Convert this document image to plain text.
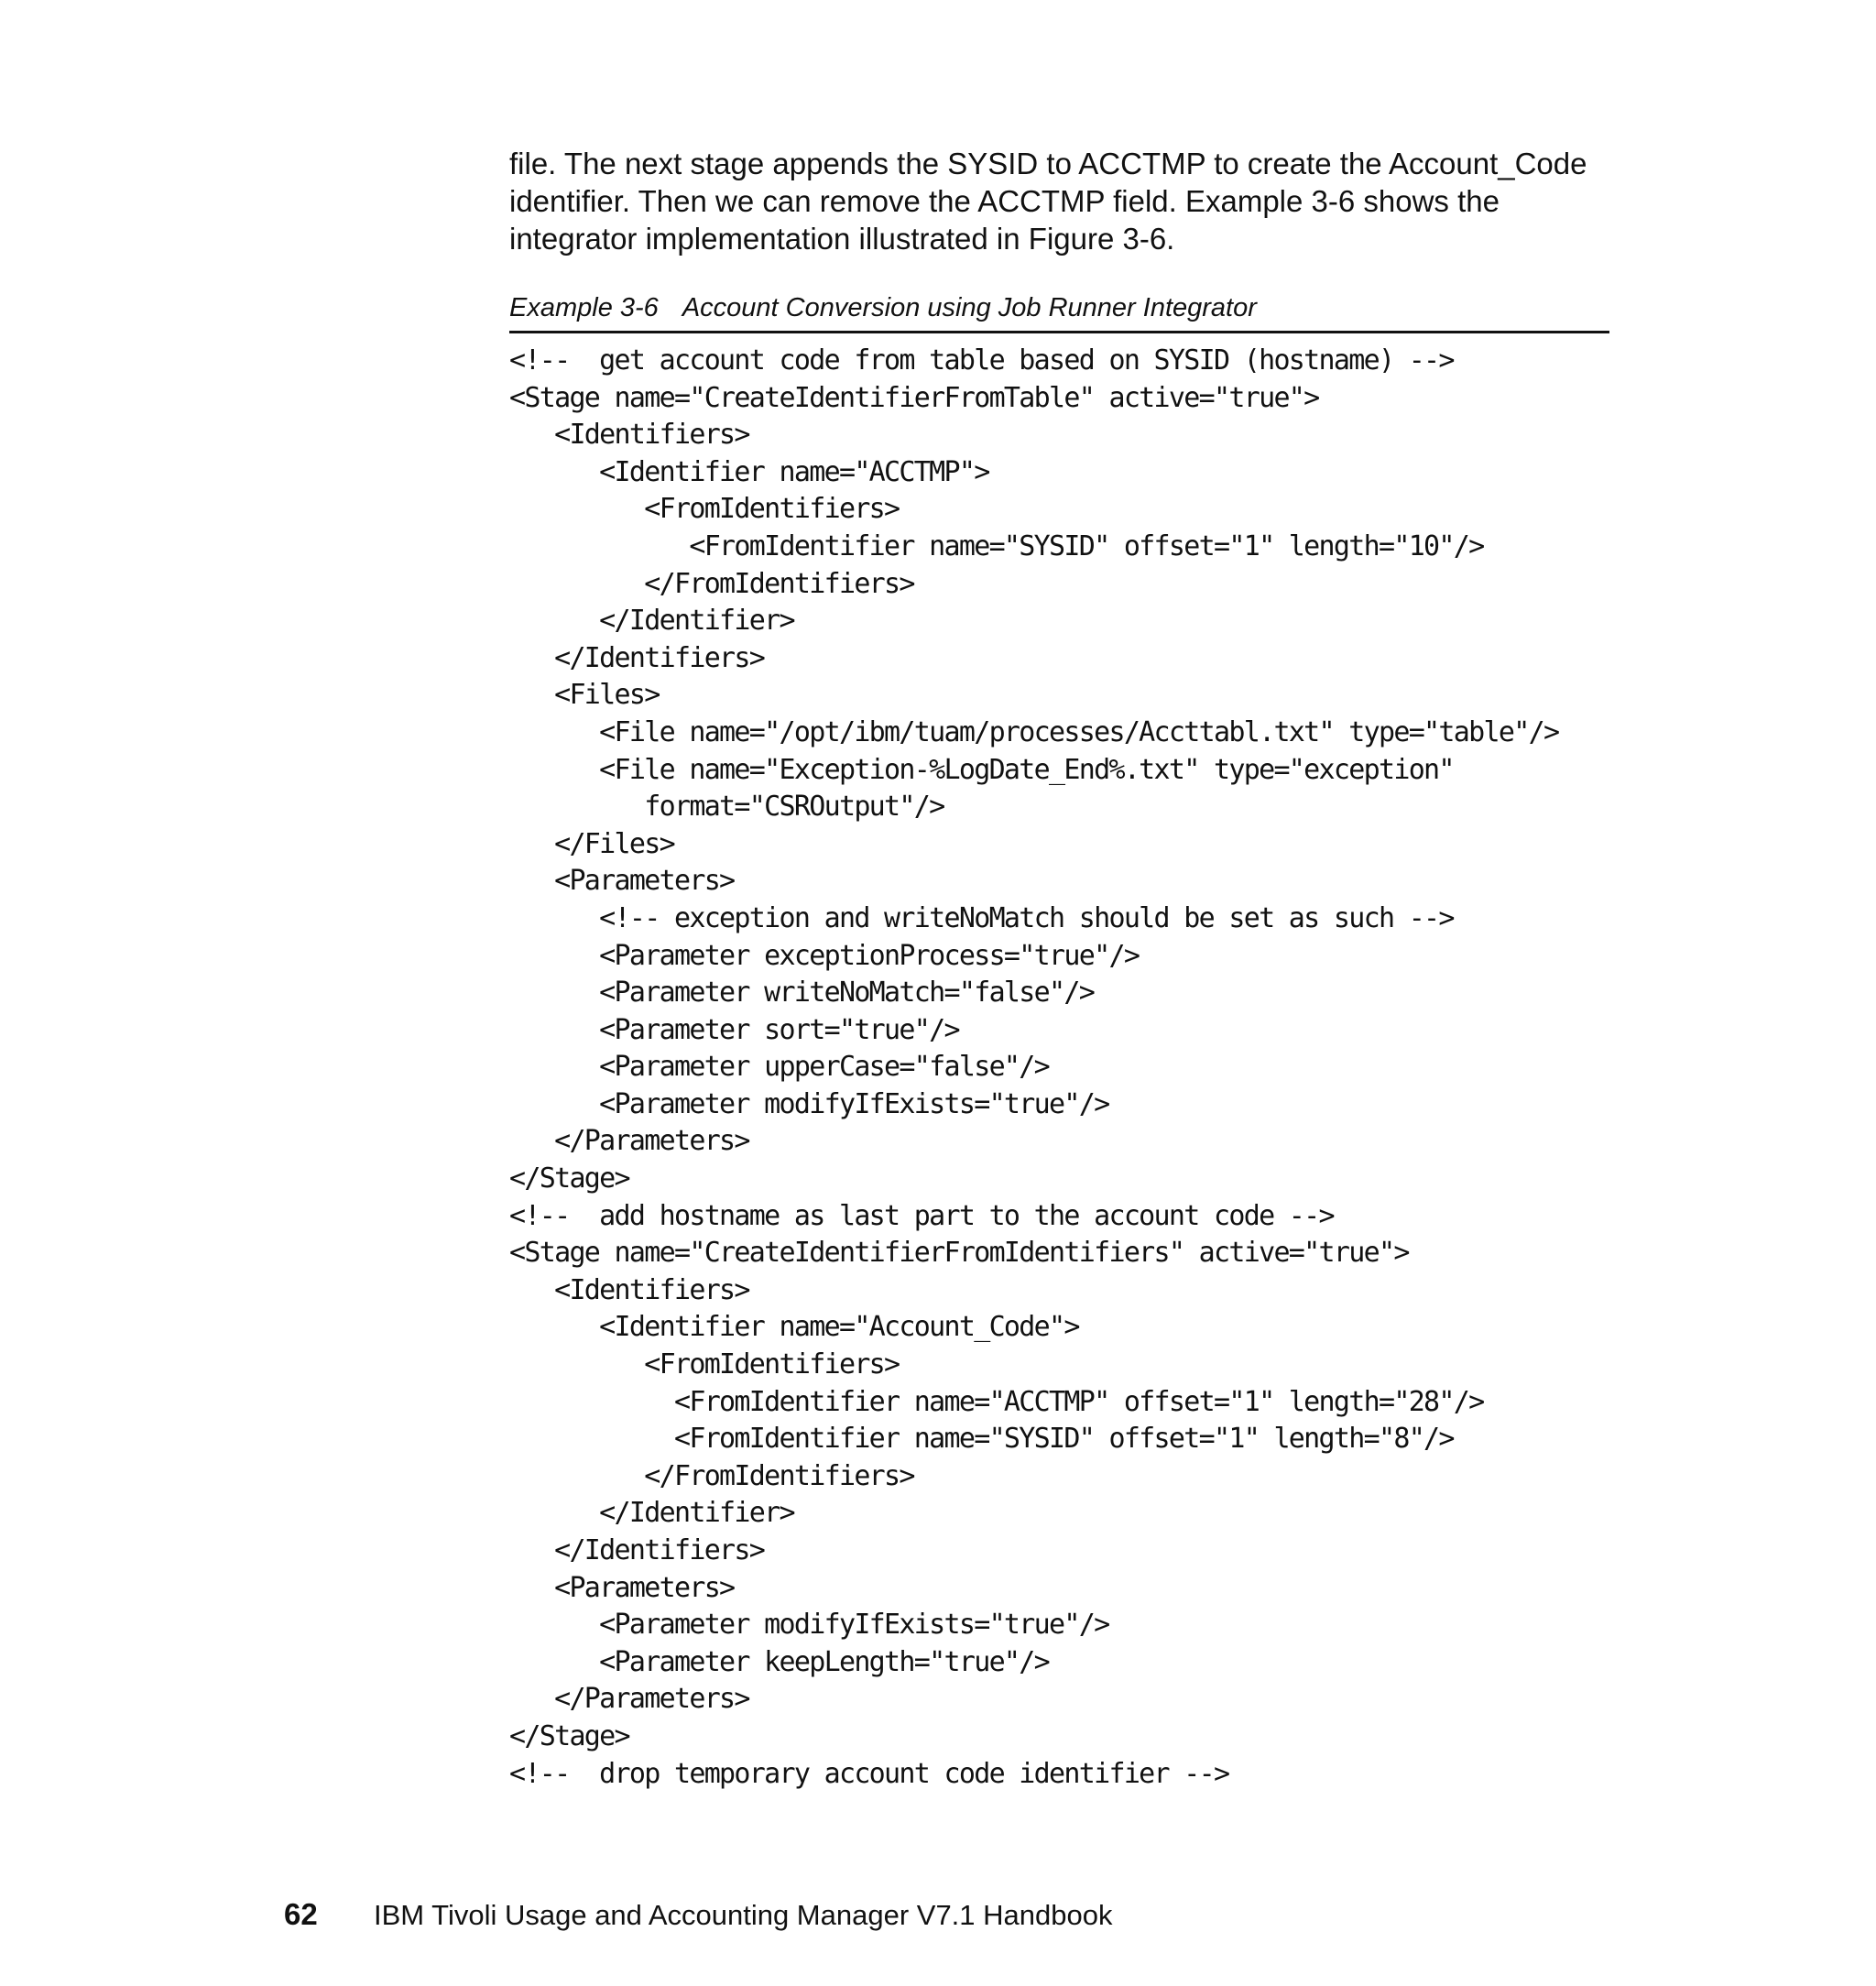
file. The next stage appends the SYSID to ACCTMP to create the Account_Code identifier. Then we can remove the ACCTMP field. Example 3-6 shows the integrator implementation illustrated in Figure 3-6.

Example 3-6 Account Conversion using Job Runner Integrator
<!--  get account code from table based on SYSID (hostname) -->
<Stage name="CreateIdentifierFromTable" active="true">
<Identifiers>
<Identifier name="ACCTMP">
<FromIdentifiers>
<FromIdentifier name="SYSID" offset="1" length="10"/>
</FromIdentifiers>
</Identifier>
</Identifiers>
<Files>
<File name="/opt/ibm/tuam/processes/Accttabl.txt" type="table"/>
<File name="Exception-%LogDate_End%.txt" type="exception"
format="CSROutput"/>
</Files>
<Parameters>
<!-- exception and writeNoMatch should be set as such -->
<Parameter exceptionProcess="true"/>
<Parameter writeNoMatch="false"/>
<Parameter sort="true"/>
<Parameter upperCase="false"/>
<Parameter modifyIfExists="true"/>
</Parameters>
</Stage>
<!--  add hostname as last part to the account code -->
<Stage name="CreateIdentifierFromIdentifiers" active="true">
<Identifiers>
<Identifier name="Account_Code">
<FromIdentifiers>
<FromIdentifier name="ACCTMP" offset="1" length="28"/>
<FromIdentifier name="SYSID" offset="1" length="8"/>
</FromIdentifiers>
</Identifier>
</Identifiers>
<Parameters>
<Parameter modifyIfExists="true"/>
<Parameter keepLength="true"/>
</Parameters>
</Stage>
<!--  drop temporary account code identifier -->
62 IBM Tivoli Usage and Accounting Manager V7.1 Handbook
